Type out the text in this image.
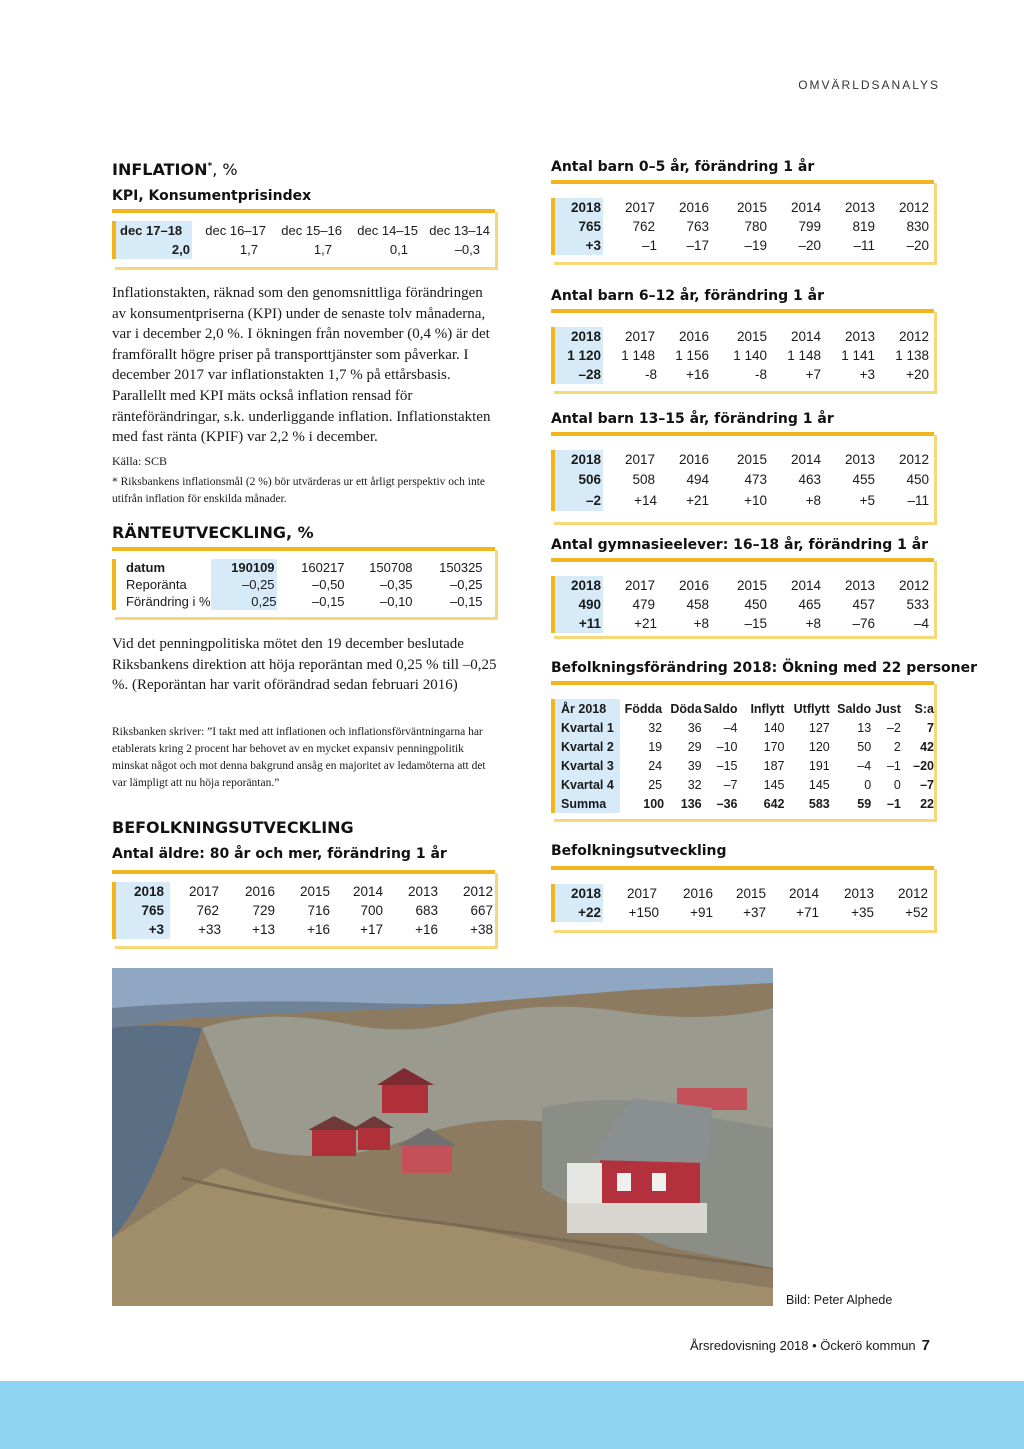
OMVÄRLDSANALYS
INFLATION*, %
KPI, Konsumentprisindex
dec 17–18	dec 16–17	dec 15–16	dec 14–15	dec 13–14
2,0	1,7	1,7	0,1	–0,3
Inflationstakten, räknad som den genomsnittliga förändringen av konsumentpriserna (KPI) under de senaste tolv månaderna, var i december 2,0 %. I ökningen från november (0,4 %) är det framförallt högre priser på transporttjänster som påverkar. I december 2017 var inflationstakten 1,7 % på ettårsbasis. Parallellt med KPI mäts också inflation rensad för ränteförändringar, s.k. underliggande inflation. Inflationstakten med fast ränta (KPIF) var 2,2 % i december.
Källa: SCB
* Riksbankens inflationsmål (2 %) bör utvärderas ur ett årligt perspektiv och inte utifrån inflation för enskilda månader.
RÄNTEUTVECKLING, %
datum	190109	160217	150708	150325
Reporänta	–0,25	–0,50	–0,35	–0,25
Förändring i %	0,25	–0,15	–0,10	–0,15
Vid det penningpolitiska mötet den 19 december beslutade Riksbankens direktion att höja reporäntan med 0,25 % till –0,25 %. (Reporäntan har varit oförändrad sedan februari 2016)
Riksbanken skriver: ”I takt med att inflationen och inflationsförväntningarna har etablerats kring 2 procent har behovet av en mycket expansiv penningpolitik minskat något och mot denna bakgrund ansåg en majoritet av ledamöterna att det var lämpligt att nu höja reporäntan.”
BEFOLKNINGSUTVECKLING
Antal äldre: 80 år och mer, förändring 1 år
2018	2017	2016	2015	2014	2013	2012
765	762	729	716	700	683	667
+3	+33	+13	+16	+17	+16	+38
Antal barn 0–5 år, förändring 1 år
2018	2017	2016	2015	2014	2013	2012
765	762	763	780	799	819	830
+3	–1	–17	–19	–20	–11	–20
Antal barn 6–12 år, förändring 1 år
2018	2017	2016	2015	2014	2013	2012
1 120	1 148	1 156	1 140	1 148	1 141	1 138
–28	-8	+16	-8	+7	+3	+20
Antal barn 13–15 år, förändring 1 år
2018	2017	2016	2015	2014	2013	2012
506	508	494	473	463	455	450
–2	+14	+21	+10	+8	+5	–11
Antal gymnasieelever: 16–18 år, förändring 1 år
2018	2017	2016	2015	2014	2013	2012
490	479	458	450	465	457	533
+11	+21	+8	–15	+8	–76	–4
Befolkningsförändring 2018: Ökning med 22 personer
År 2018	Födda	Döda	Saldo	Inflytt	Utflytt	Saldo	Just	S:a
Kvartal 1	32	36	–4	140	127	13	–2	7
Kvartal 2	19	29	–10	170	120	50	2	42
Kvartal 3	24	39	–15	187	191	–4	–1	–20
Kvartal 4	25	32	–7	145	145	0	0	–7
Summa	100	136	–36	642	583	59	–1	22
Befolkningsutveckling
2018	2017	2016	2015	2014	2013	2012
+22	+150	+91	+37	+71	+35	+52
Bild: Peter Alphede
Årsredovisning 2018 • Öckerö kommun 7
